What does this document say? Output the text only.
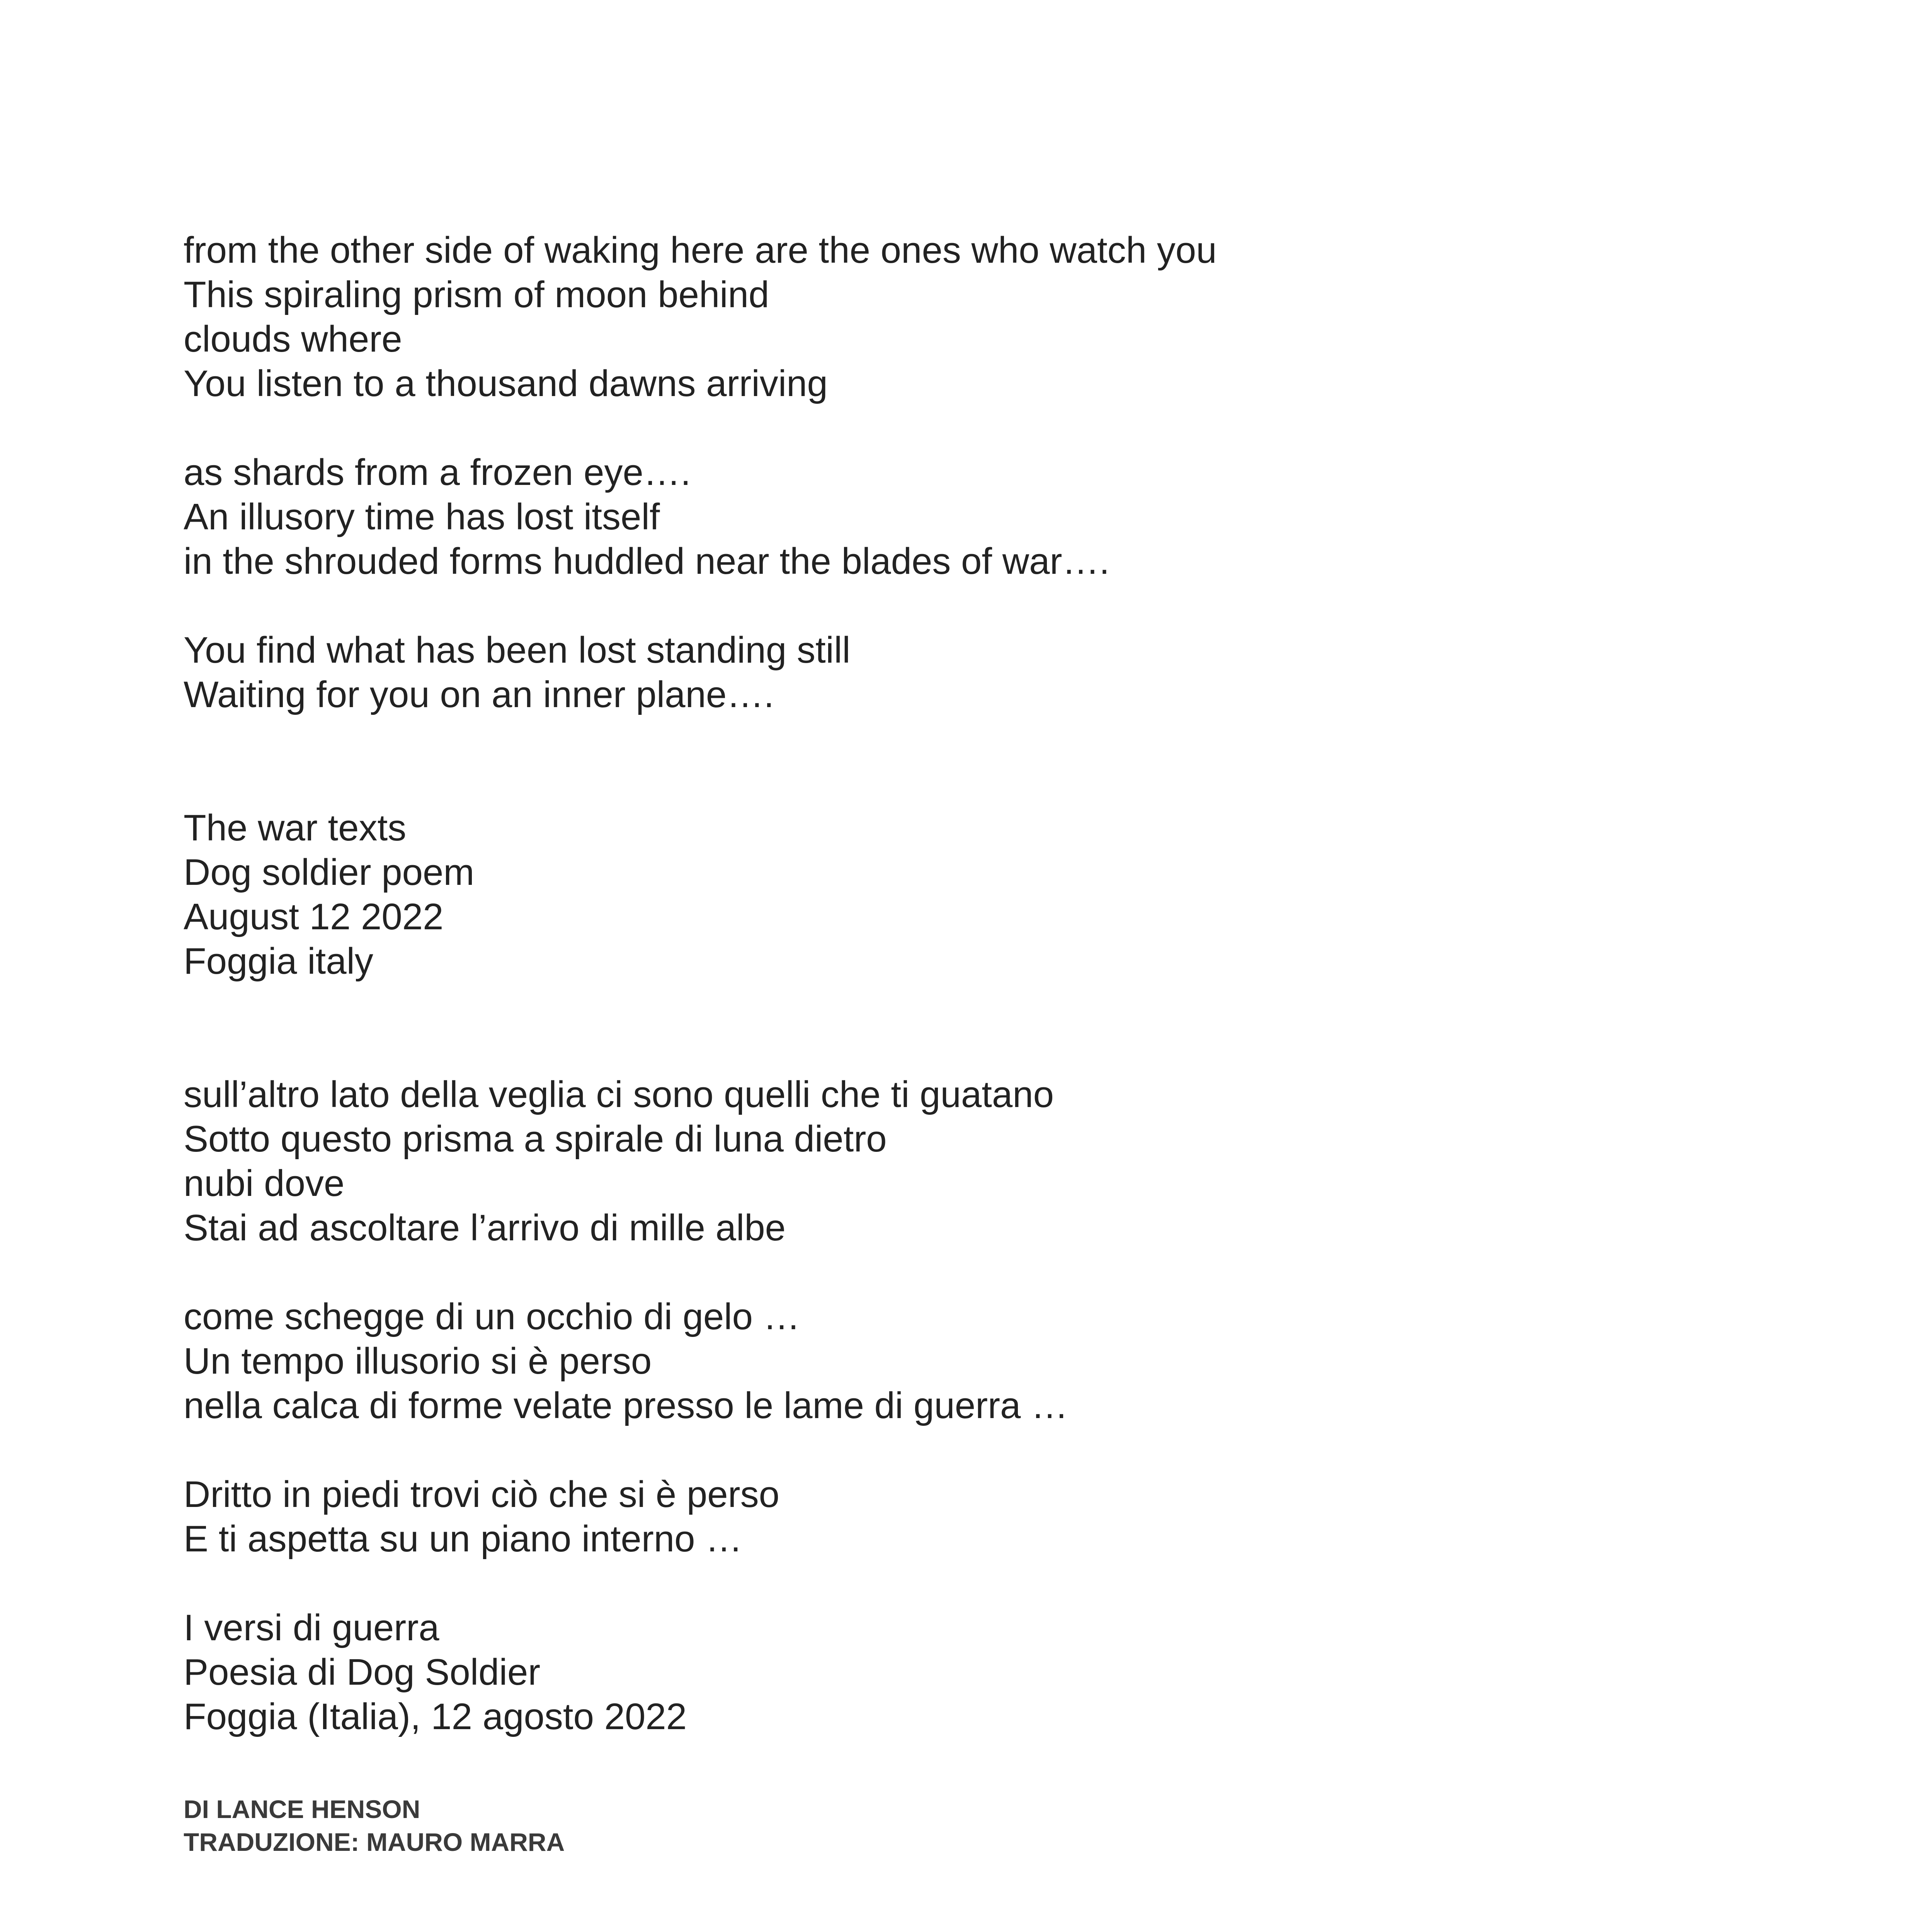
from the other side of waking here are the ones who watch you
This spiraling prism of moon behind
clouds where
You listen to a thousand dawns arriving
as shards from a frozen eye….
An illusory time has lost itself
in the shrouded forms huddled near the blades of war….
You find what has been lost standing still
Waiting for you on an inner plane….
The war texts
Dog soldier poem
August 12 2022
Foggia italy
sull’altro lato della veglia ci sono quelli che ti guatano
Sotto questo prisma a spirale di luna dietro
nubi dove
Stai ad ascoltare l’arrivo di mille albe
come schegge di un occhio di gelo …
Un tempo illusorio si è perso
nella calca di forme velate presso le lame di guerra …
Dritto in piedi trovi ciò che si è perso
E ti aspetta su un piano interno …
I versi di guerra
Poesia di Dog Soldier
Foggia (Italia), 12 agosto 2022
DI LANCE HENSON
TRADUZIONE: MAURO MARRA
